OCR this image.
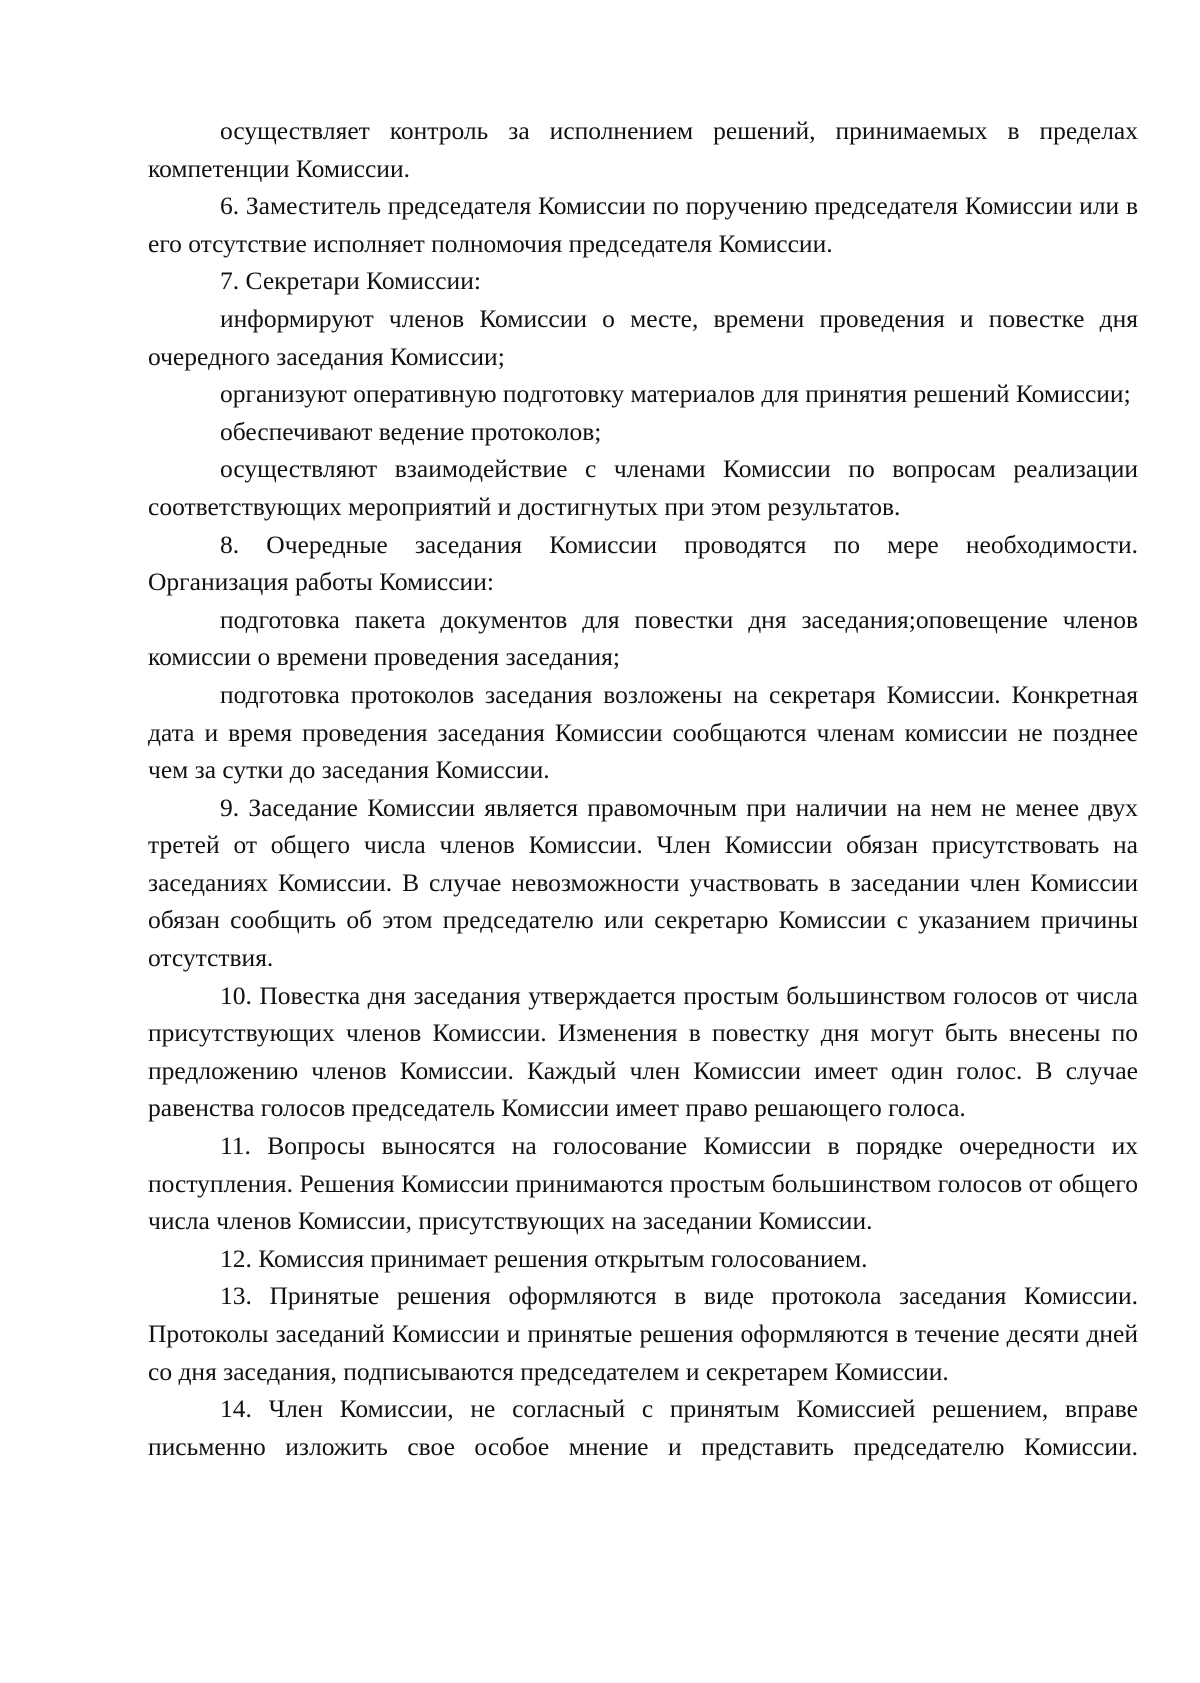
осуществляет контроль за исполнением решений, принимаемых в пределах компетенции Комиссии.

6. Заместитель председателя Комиссии по поручению председателя Комиссии или в его отсутствие исполняет полномочия председателя Комиссии.

7. Секретари Комиссии:

информируют членов Комиссии о месте, времени проведения и повестке дня очередного заседания Комиссии;

организуют оперативную подготовку материалов для принятия решений Комиссии;

обеспечивают ведение протоколов;

осуществляют взаимодействие с членами Комиссии по вопросам реализации соответствующих мероприятий и достигнутых при этом результатов.

8. Очередные заседания Комиссии проводятся по мере необходимости. Организация работы Комиссии:

подготовка пакета документов для повестки дня заседания;оповещение членов комиссии о времени проведения заседания;

подготовка протоколов заседания возложены на секретаря Комиссии. Конкретная дата и время проведения заседания Комиссии сообщаются членам комиссии не позднее чем за сутки до заседания Комиссии.

9. Заседание Комиссии является правомочным при наличии на нем не менее двух третей от общего числа членов Комиссии. Член Комиссии обязан присутствовать на заседаниях Комиссии. В случае невозможности участвовать в заседании член Комиссии обязан сообщить об этом председателю или секретарю Комиссии с указанием причины отсутствия.

10. Повестка дня заседания утверждается простым большинством голосов от числа присутствующих членов Комиссии. Изменения в повестку дня могут быть внесены по предложению членов Комиссии. Каждый член Комиссии имеет один голос. В случае равенства голосов председатель Комиссии имеет право решающего голоса.

11. Вопросы выносятся на голосование Комиссии в порядке очередности их поступления. Решения Комиссии принимаются простым большинством голосов от общего числа членов Комиссии, присутствующих на заседании Комиссии.

12. Комиссия принимает решения открытым голосованием.

13. Принятые решения оформляются в виде протокола заседания Комиссии. Протоколы заседаний Комиссии и принятые решения оформляются в течение десяти дней со дня заседания, подписываются председателем и секретарем Комиссии.

14. Член Комиссии, не согласный с принятым Комиссией решением, вправе письменно изложить свое особое мнение и представить председателю Комиссии.
